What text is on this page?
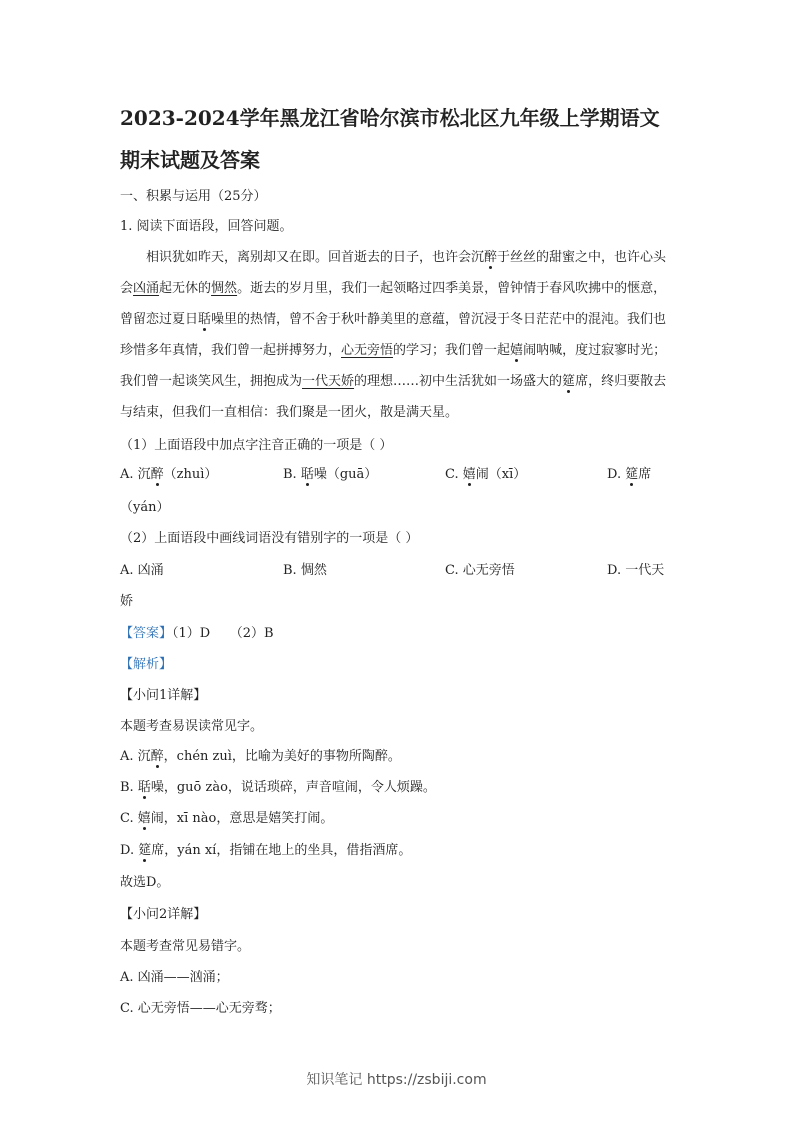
2023-2024学年黑龙江省哈尔滨市松北区九年级上学期语文
期末试题及答案
一、积累与运用（25分）
1. 阅读下面语段，回答问题。
相识犹如昨天，离别却又在即。回首逝去的日子，也许会沉醉于丝丝的甜蜜之中，也许心头会凶涌起无休的惆然。逝去的岁月里，我们一起领略过四季美景，曾钟情于春风吹拂中的惬意，曾留恋过夏日聒噪里的热情，曾不舍于秋叶静美里的意蕴，曾沉浸于冬日茫茫中的混沌。我们也珍惜多年真情，我们曾一起拼搏努力，心无旁悟的学习；我们曾一起嬉闹呐喊，度过寂寥时光；我们曾一起谈笑风生，拥抱成为一代天娇的理想……初中生活犹如一场盛大的筵席，终归要散去与结束，但我们一直相信：我们聚是一团火，散是满天星。
（1）上面语段中加点字注音正确的一项是（ ）
A. 沉醉（zhuì）	B. 聒噪（guā）	C. 嬉闹（xī）	D. 筵席
（yán）
（2）上面语段中画线词语没有错别字的一项是（ ）
A. 凶涌	B. 惆然	C. 心无旁悟	D. 一代天
娇
【答案】（1）D　　（2）B
【解析】
【小问1详解】
本题考查易误读常见字。
A. 沉醉，chén zuì，比喻为美好的事物所陶醉。
B. 聒噪，guō zào，说话琐碎，声音喧闹，令人烦躁。
C. 嬉闹，xī nào，意思是嬉笑打闹。
D. 筵席，yán xí，指铺在地上的坐具，借指酒席。
故选D。
【小问2详解】
本题考查常见易错字。
A. 凶涌——汹涌；
C. 心无旁悟——心无旁骛；
知识笔记 https://zsbiji.com
